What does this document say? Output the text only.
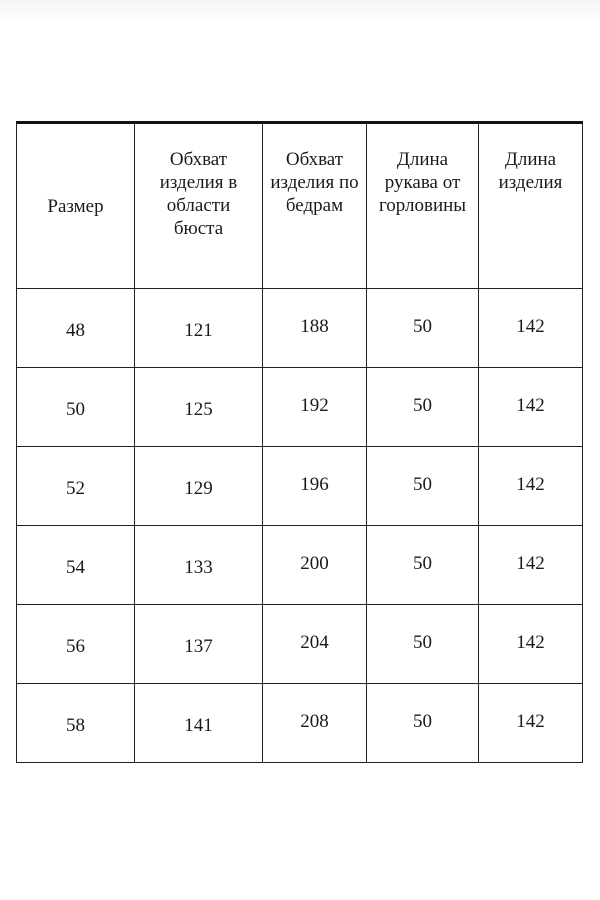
Размер	Обхват изделия в области бюста	Обхват изделия по бедрам	Длина рукава от горловины	Длина изделия
48	121	188	50	142
50	125	192	50	142
52	129	196	50	142
54	133	200	50	142
56	137	204	50	142
58	141	208	50	142
